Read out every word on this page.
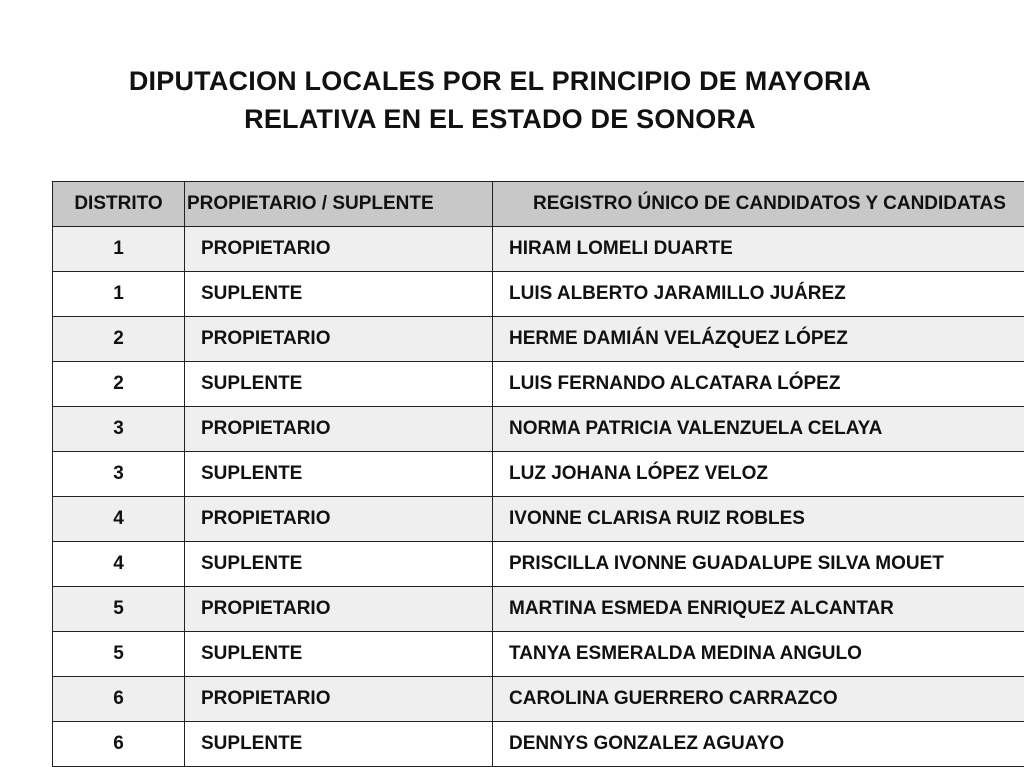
DIPUTACION LOCALES POR EL PRINCIPIO DE MAYORIA
RELATIVA EN EL ESTADO DE SONORA
DISTRITO	PROPIETARIO / SUPLENTE	REGISTRO ÚNICO DE CANDIDATOS Y CANDIDATAS
1	PROPIETARIO	HIRAM LOMELI DUARTE
1	SUPLENTE	LUIS ALBERTO JARAMILLO JUÁREZ
2	PROPIETARIO	HERME DAMIÁN VELÁZQUEZ LÓPEZ
2	SUPLENTE	LUIS FERNANDO ALCATARA LÓPEZ
3	PROPIETARIO	NORMA PATRICIA VALENZUELA CELAYA
3	SUPLENTE	LUZ JOHANA LÓPEZ VELOZ
4	PROPIETARIO	IVONNE CLARISA RUIZ ROBLES
4	SUPLENTE	PRISCILLA IVONNE GUADALUPE SILVA MOUET
5	PROPIETARIO	MARTINA ESMEDA ENRIQUEZ ALCANTAR
5	SUPLENTE	TANYA ESMERALDA MEDINA ANGULO
6	PROPIETARIO	CAROLINA GUERRERO CARRAZCO
6	SUPLENTE	DENNYS GONZALEZ AGUAYO
